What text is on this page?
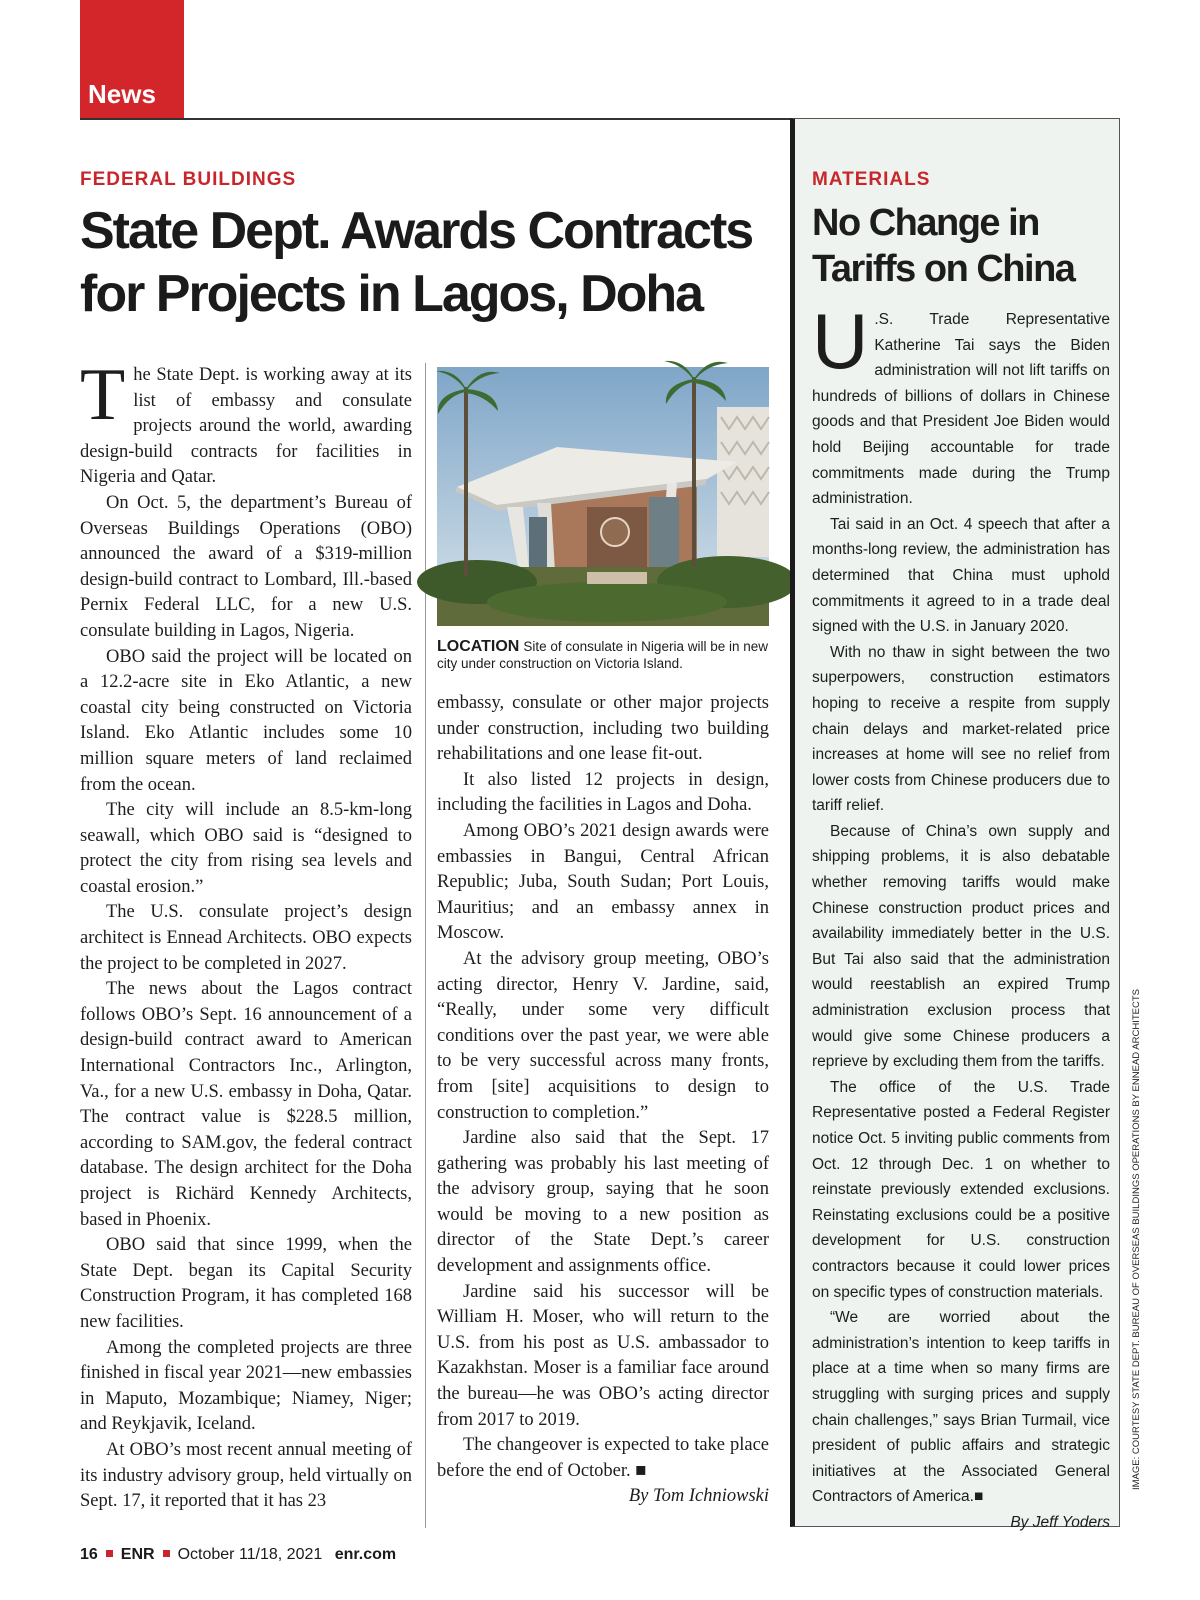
News
FEDERAL BUILDINGS
State Dept. Awards Contracts for Projects in Lagos, Doha

The State Dept. is working away at its list of embassy and consulate projects around the world, awarding design-build contracts for facilities in Nigeria and Qatar.

On Oct. 5, the department’s Bureau of Overseas Buildings Operations (OBO) announced the award of a $319-million design-build contract to Lombard, Ill.-based Pernix Federal LLC, for a new U.S. consulate building in Lagos, Nigeria.

OBO said the project will be located on a 12.2-acre site in Eko Atlantic, a new coastal city being constructed on Victoria Island. Eko Atlantic includes some 10 million square meters of land reclaimed from the ocean.

The city will include an 8.5-km-long seawall, which OBO said is “designed to protect the city from rising sea levels and coastal erosion.”

The U.S. consulate project’s design architect is Ennead Architects. OBO expects the project to be completed in 2027.

The news about the Lagos contract follows OBO’s Sept. 16 announcement of a design-build contract award to American International Contractors Inc., Arlington, Va., for a new U.S. embassy in Doha, Qatar. The contract value is $228.5 million, according to SAM.gov, the federal contract database. The design architect for the Doha project is Richärd Kennedy Architects, based in Phoenix.

OBO said that since 1999, when the State Dept. began its Capital Security Construction Program, it has completed 168 new facilities.

Among the completed projects are three finished in fiscal year 2021—new embassies in Maputo, Mozambique; Niamey, Niger; and Reykjavik, Iceland.

At OBO’s most recent annual meeting of its industry advisory group, held virtually on Sept. 17, it reported that it has 23

LOCATION Site of consulate in Nigeria will be in new city under construction on Victoria Island.

embassy, consulate or other major projects under construction, including two building rehabilitations and one lease fit-out.

It also listed 12 projects in design, including the facilities in Lagos and Doha.

Among OBO’s 2021 design awards were embassies in Bangui, Central African Republic; Juba, South Sudan; Port Louis, Mauritius; and an embassy annex in Moscow.

At the advisory group meeting, OBO’s acting director, Henry V. Jardine, said, “Really, under some very difficult conditions over the past year, we were able to be very successful across many fronts, from [site] acquisitions to design to construction to completion.”

Jardine also said that the Sept. 17 gathering was probably his last meeting of the advisory group, saying that he soon would be moving to a new position as director of the State Dept.’s career development and assignments office.

Jardine said his successor will be William H. Moser, who will return to the U.S. from his post as U.S. ambassador to Kazakhstan. Moser is a familiar face around the bureau—he was OBO’s acting director from 2017 to 2019.

The changeover is expected to take place before the end of October. ■

By Tom Ichniowski
MATERIALS
No Change in Tariffs on China

U .S. Trade Representative Katherine Tai says the Biden administration will not lift tariffs on hundreds of billions of dollars in Chinese goods and that President Joe Biden would hold Beijing accountable for trade commitments made during the Trump administration.

Tai said in an Oct. 4 speech that after a months-long review, the administration has determined that China must uphold commitments it agreed to in a trade deal signed with the U.S. in January 2020.

With no thaw in sight between the two superpowers, construction estimators hoping to receive a respite from supply chain delays and market-related price increases at home will see no relief from lower costs from Chinese producers due to tariff relief.

Because of China’s own supply and shipping problems, it is also debatable whether removing tariffs would make Chinese construction product prices and availability immediately better in the U.S. But Tai also said that the administration would reestablish an expired Trump administration exclusion process that would give some Chinese producers a reprieve by excluding them from the tariffs.

The office of the U.S. Trade Representative posted a Federal Register notice Oct. 5 inviting public comments from Oct. 12 through Dec. 1 on whether to reinstate previously extended exclusions. Reinstating exclusions could be a positive development for U.S. construction contractors because it could lower prices on specific types of construction materials.

“We are worried about the administration’s intention to keep tariffs in place at a time when so many firms are struggling with surging prices and supply chain challenges,” says Brian Turmail, vice president of public affairs and strategic initiatives at the Associated General Contractors of America.■

By Jeff Yoders
IMAGE: COURTESY STATE DEPT. BUREAU OF OVERSEAS BUILDINGS OPERATIONS BY ENNEAD ARCHITECTS
16 ENR October 11/18, 2021 enr.com
